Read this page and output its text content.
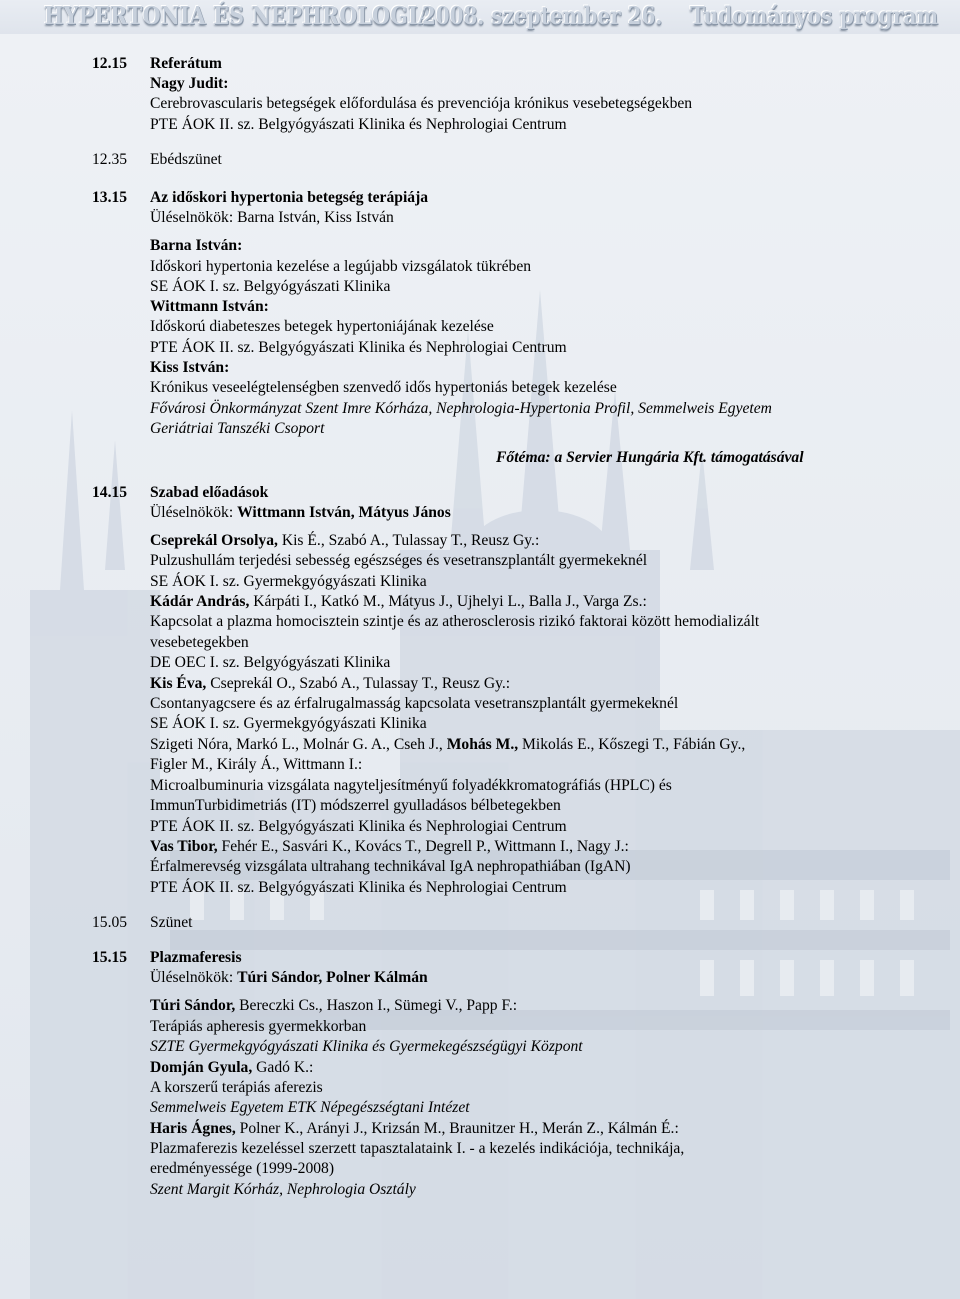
HYPERTONIA ÉS NEPHROLOGIA
2008. szeptember 26. Tudományos program
12.15 Referátum
Nagy Judit:
Cerebrovascularis betegségek előfordulása és prevenciója krónikus vesebetegségekben
PTE ÁOK II. sz. Belgyógyászati Klinika és Nephrologiai Centrum
12.35 Ebédszünet
13.15 Az időskori hypertonia betegség terápiája
Üléselnökök: Barna István, Kiss István
Barna István:
Időskori hypertonia kezelése a legújabb vizsgálatok tükrében
SE ÁOK I. sz. Belgyógyászati Klinika
Wittmann István:
Időskorú diabeteszes betegek hypertoniájának kezelése
PTE ÁOK II. sz. Belgyógyászati Klinika és Nephrologiai Centrum
Kiss István:
Krónikus veseelégtelenségben szenvedő idős hypertoniás betegek kezelése
Fővárosi Önkormányzat Szent Imre Kórháza, Nephrologia-Hypertonia Profil, Semmelweis Egyetem
Geriátriai Tanszéki Csoport
Főtéma: a Servier Hungária Kft. támogatásával
14.15 Szabad előadások
Üléselnökök: Wittmann István, Mátyus János
Cseprekál Orsolya, Kis É., Szabó A., Tulassay T., Reusz Gy.:
Pulzushullám terjedési sebesség egészséges és vesetranszplantált gyermekeknél
SE ÁOK I. sz. Gyermekgyógyászati Klinika
Kádár András, Kárpáti I., Katkó M., Mátyus J., Ujhelyi L., Balla J., Varga Zs.:
Kapcsolat a plazma homocisztein szintje és az atherosclerosis rizikó faktorai között hemodializált
vesebetegekben
DE OEC I. sz. Belgyógyászati Klinika
Kis Éva, Cseprekál O., Szabó A., Tulassay T., Reusz Gy.:
Csontanyagcsere és az érfalrugalmasság kapcsolata vesetranszplantált gyermekeknél
SE ÁOK I. sz. Gyermekgyógyászati Klinika
Szigeti Nóra, Markó L., Molnár G. A., Cseh J., Mohás M., Mikolás E., Kőszegi T., Fábián Gy.,
Figler M., Király Á., Wittmann I.:
Microalbuminuria vizsgálata nagyteljesítményű folyadékkromatográfiás (HPLC) és
ImmunTurbidimetriás (IT) módszerrel gyulladásos bélbetegekben
PTE ÁOK II. sz. Belgyógyászati Klinika és Nephrologiai Centrum
Vas Tibor, Fehér E., Sasvári K., Kovács T., Degrell P., Wittmann I., Nagy J.:
Érfalmerevség vizsgálata ultrahang technikával IgA nephropathiában (IgAN)
PTE ÁOK II. sz. Belgyógyászati Klinika és Nephrologiai Centrum
15.05 Szünet
15.15 Plazmaferesis
Üléselnökök: Túri Sándor, Polner Kálmán
Túri Sándor, Bereczki Cs., Haszon I., Sümegi V., Papp F.:
Terápiás apheresis gyermekkorban
SZTE Gyermekgyógyászati Klinika és Gyermekegészségügyi Központ
Domján Gyula, Gadó K.:
A korszerű terápiás aferezis
Semmelweis Egyetem ETK Népegészségtani Intézet
Haris Ágnes, Polner K., Arányi J., Krizsán M., Braunitzer H., Merán Z., Kálmán É.:
Plazmaferezis kezeléssel szerzett tapasztalataink I. - a kezelés indikációja, technikája,
eredményessége (1999-2008)
Szent Margit Kórház, Nephrologia Osztály
